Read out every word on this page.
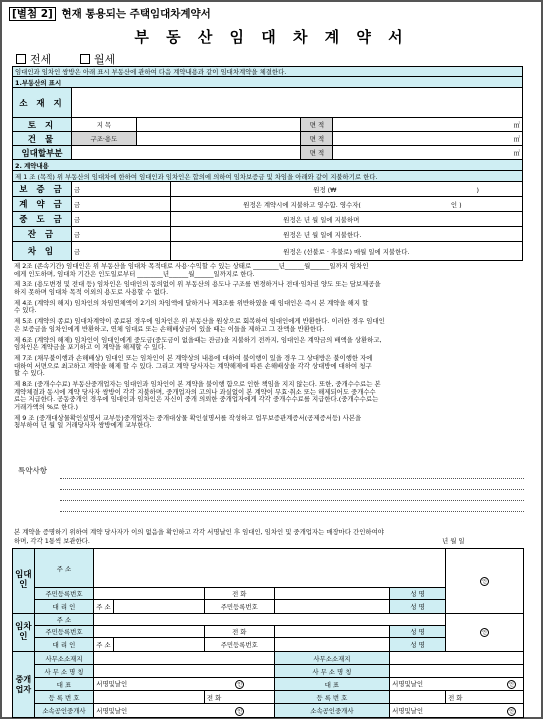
[별첨 2] 현재 통용되는 주택임대차계약서
부 동 산 임 대 차 계 약 서
전세	월세
임대인과 임차인 쌍방은 아래 표시 부동산에 관하여 다음 계약내용과 같이 임대차계약을 체결한다.
1.부동산의 표시
소 재 지				
토 지	지 목		면 적	㎡
건 물	구조·용도		면 적	㎡
임대할부분			면 적	㎡
2. 계약내용
제 1 조 (목적) 위 부동산의 임대차에 한하여 임대인과 임차인은 합의에 의하여 임차보증금 및 차임을 아래와 같이 지불하기로 한다.
보 증 금	금	원정 (₩ )
계 약 금	금	원정은 계약시에 지불하고 영수함. 영수자( 인 )
중 도 금	금	원정은 년 월 일에 지불하며
잔 금	금	원정은 년 월 일에 지불한다.
차 임	금	원정은 (선불로 · 후불로) 매월 일에 지불한다.
제 2조 (존속기간) 임대인은 위 부동산을 임대차 목적대로 사용·수익할 수 있는 상태로 ________년______월______일까지 임차인
에게 인도하며, 임대차 기간은 인도일로부터 ________년______월______일까지로 한다.
제 3조 (용도변경 및 전대 등) 임차인은 임대인의 동의없이 위 부동산의 용도나 구조를 변경하거나 전대·임차권 양도 또는 담보제공을
하지 못하며 임대차 목적 이외의 용도로 사용할 수 없다.
제 4조 (계약의 해지) 임차인의 차임연체액이 2기의 차임액에 달하거나 제3조를 위반하였을 때 임대인은 즉시 본 계약을 해지 할
수 있다.
제 5조 (계약의 종료) 임대차계약이 종료된 경우에 임차인은 위 부동산을 원상으로 회복하여 임대인에게 반환한다. 이러한 경우 임대인
은 보증금을 임차인에게 반환하고, 연체 임대료 또는 손해배상금이 있을 때는 이들을 제하고 그 잔액을 반환한다.
제 6조 (계약의 해제) 임차인이 임대인에게 중도금(중도금이 없을때는 잔금)을 지불하기 전까지, 임대인은 계약금의 배액을 상환하고,
임차인은 계약금을 포기하고 이 계약을 해제할 수 있다.
제 7조 (채무불이행과 손해배상) 임대인 또는 임차인이 본 계약상의 내용에 대하여 불이행이 있을 경우 그 상대방은 불이행한 자에
대하여 서면으로 최고하고 계약을 해제 할 수 있다. 그리고 계약 당사자는 계약해제에 따른 손해배상을 각각 상대방에 대하여 청구
할 수 있다.
제 8조 (중개수수료) 부동산중개업자는 임대인과 임차인이 본 계약을 불이행 함으로 인한 책임을 지지 않는다. 또한, 중개수수료는 본
계약체결과 동시에 계약 당사자 쌍방이 각각 지불하며, 중개업자의 고의나 과실없이 본 계약이 무효·취소 또는 해제되어도 중개수수
료는 지급한다. 공동중개인 경우에 임대인과 임차인은 자신이 중개 의뢰한 중개업자에게 각각 중개수수료를 지급한다.(중개수수료는
거래가액의 %로 한다.)
제 9 조 (중개대상물확인설명서 교부등)중개업자는 중개대상물 확인설명서를 작성하고 업무보증관계증서(공제증서등) 사본을
첨부하여 년 월 일 거래당사자 쌍방에게 교부한다.
특약사항
본 계약을 증명하기 위하여 계약 당사자가 이의 없음을 확인하고 각각 서명날인 후 임대인, 임차인 및 중개업자는 매장마다 간인하여야
하며, 각각 1통씩 보관한다.	년 월 일
임대인	주 소						인
	주민등록번호			전 화		성 명	
	대 리 인	주 소		주민등록번호		성 명	
임차인	주 소						인
	주민등록번호			전 화		성 명	
	대 리 인	주 소		주민등록번호		성 명	
중개업자	사무소소재지				사무소소재지		
	사 무 소 명 칭				사 무 소 명 칭		
	대 표	서명및날인 인			대 표	서명및날인 인	
	등 록 번 호			전 화	등 록 번 호		전 화
	소속공인중개사	서명및날인 인			소속공인중개사	서명및날인 인	
